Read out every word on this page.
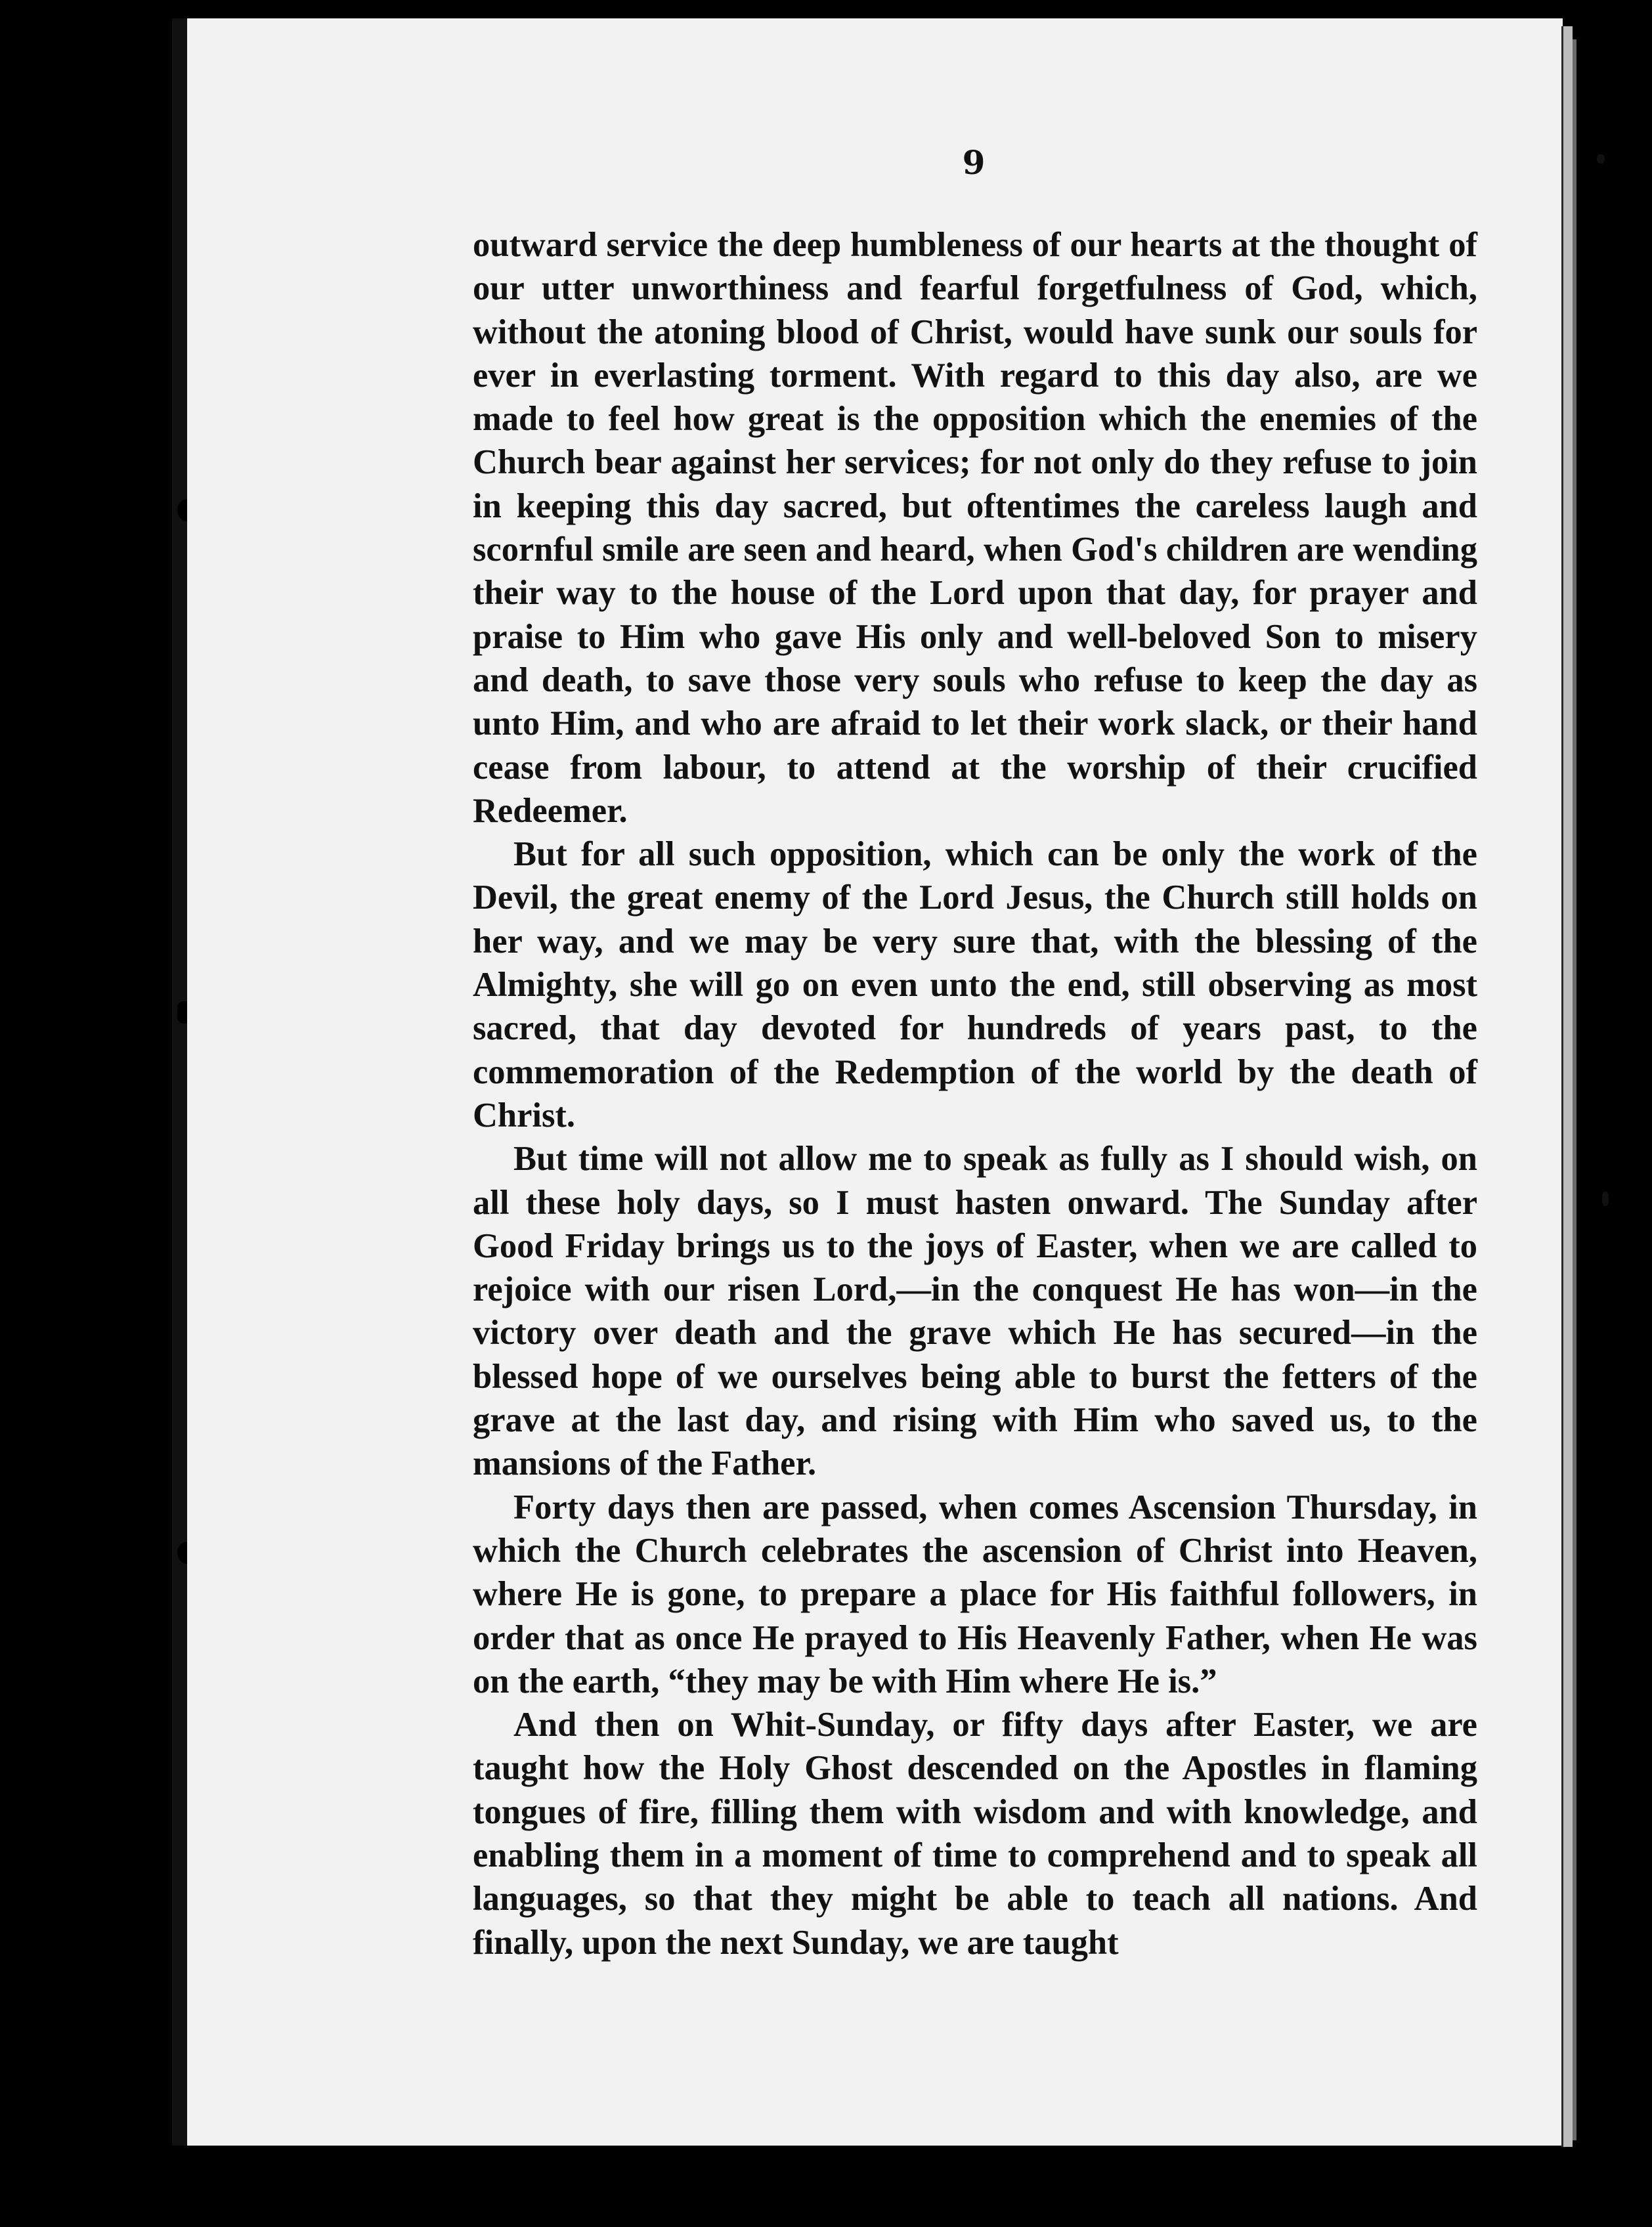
9

outward service the deep humbleness of our hearts at the thought of our utter unworthiness and fearful forgetfulness of God, which, without the atoning blood of Christ, would have sunk our souls for ever in everlasting torment. With regard to this day also, are we made to feel how great is the opposition which the enemies of the Church bear against her services; for not only do they refuse to join in keeping this day sacred, but oftentimes the careless laugh and scornful smile are seen and heard, when God's children are wending their way to the house of the Lord upon that day, for prayer and praise to Him who gave His only and well-beloved Son to misery and death, to save those very souls who refuse to keep the day as unto Him, and who are afraid to let their work slack, or their hand cease from labour, to attend at the worship of their crucified Redeemer.

But for all such opposition, which can be only the work of the Devil, the great enemy of the Lord Jesus, the Church still holds on her way, and we may be very sure that, with the blessing of the Almighty, she will go on even unto the end, still observing as most sacred, that day devoted for hundreds of years past, to the commemoration of the Redemption of the world by the death of Christ.

But time will not allow me to speak as fully as I should wish, on all these holy days, so I must hasten onward. The Sunday after Good Friday brings us to the joys of Easter, when we are called to rejoice with our risen Lord,—in the conquest He has won—in the victory over death and the grave which He has secured—in the blessed hope of we ourselves being able to burst the fetters of the grave at the last day, and rising with Him who saved us, to the mansions of the Father.

Forty days then are passed, when comes Ascension Thursday, in which the Church celebrates the ascension of Christ into Heaven, where He is gone, to prepare a place for His faithful followers, in order that as once He prayed to His Heavenly Father, when He was on the earth, “they may be with Him where He is.”

And then on Whit-Sunday, or fifty days after Easter, we are taught how the Holy Ghost descended on the Apostles in flaming tongues of fire, filling them with wisdom and with knowledge, and enabling them in a moment of time to comprehend and to speak all languages, so that they might be able to teach all nations. And finally, upon the next Sunday, we are taught
